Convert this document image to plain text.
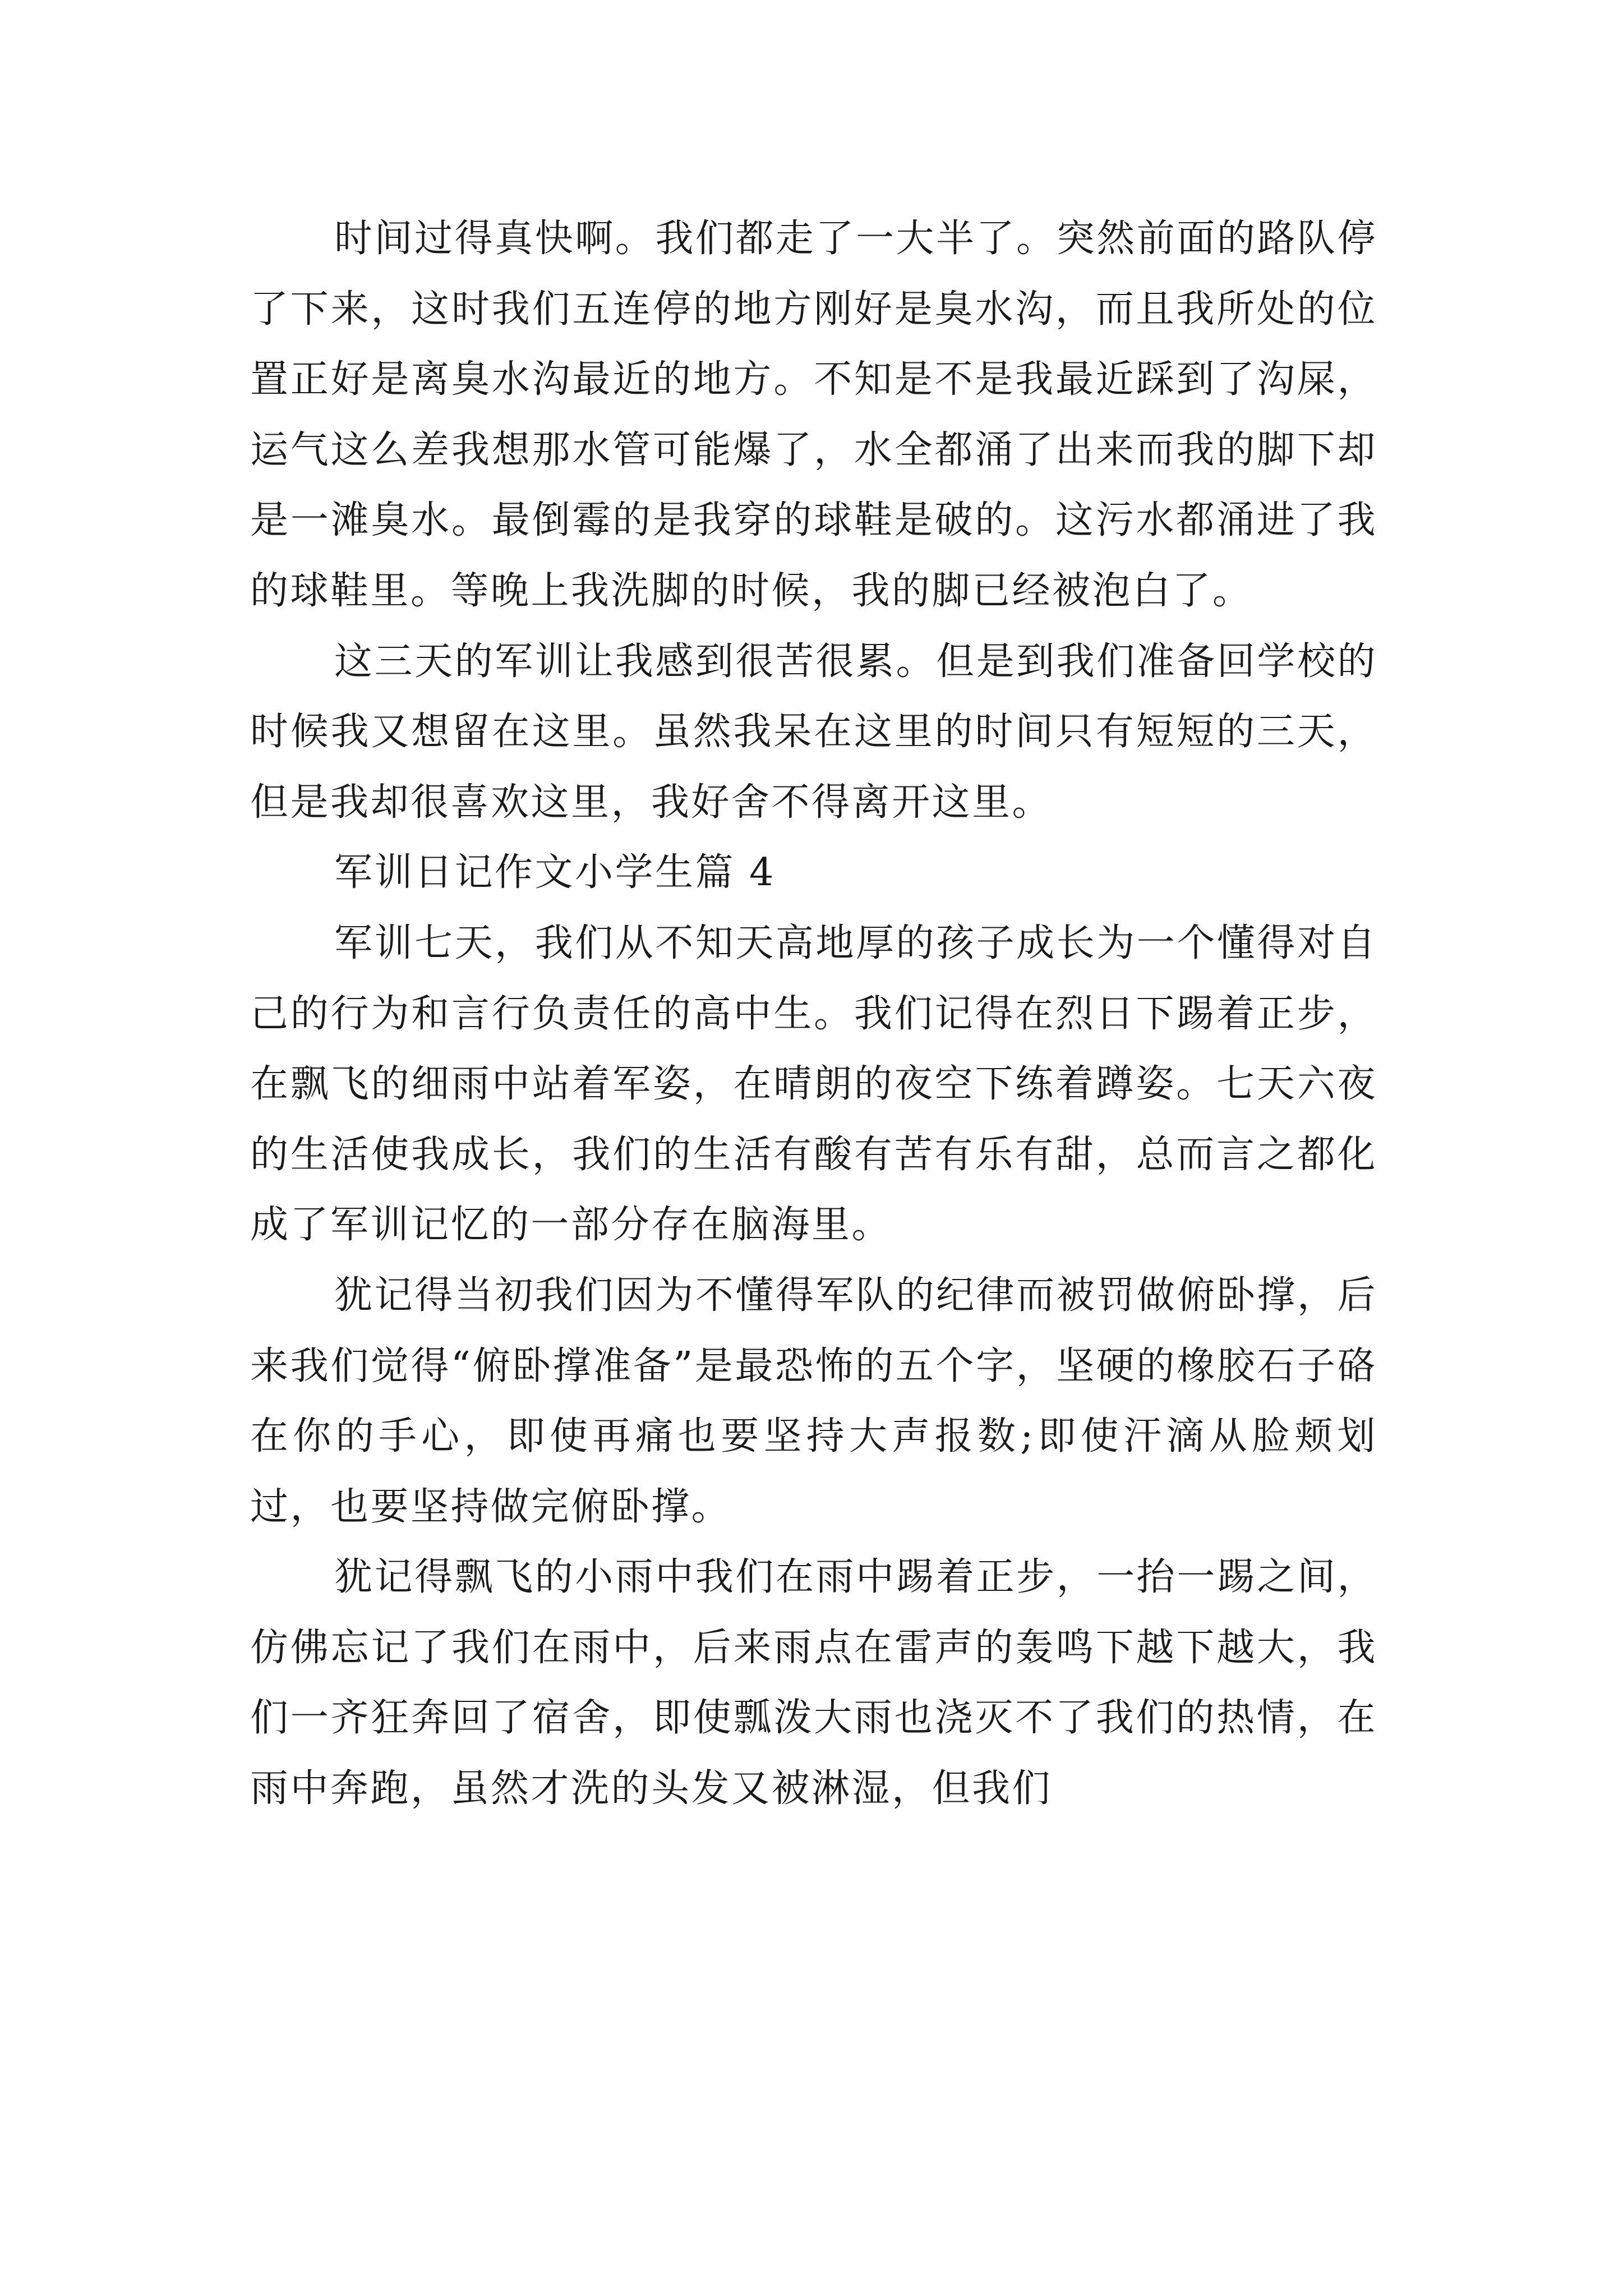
时间过得真快啊。我们都走了一大半了。突然前面的路队停了下来，这时我们五连停的地方刚好是臭水沟，而且我所处的位置正好是离臭水沟最近的地方。不知是不是我最近踩到了沟屎，运气这么差我想那水管可能爆了，水全都涌了出来而我的脚下却是一滩臭水。最倒霉的是我穿的球鞋是破的。这污水都涌进了我的球鞋里。等晚上我洗脚的时候，我的脚已经被泡白了。

这三天的军训让我感到很苦很累。但是到我们准备回学校的时候我又想留在这里。虽然我呆在这里的时间只有短短的三天，但是我却很喜欢这里，我好舍不得离开这里。

军训日记作文小学生篇 4

军训七天，我们从不知天高地厚的孩子成长为一个懂得对自己的行为和言行负责任的高中生。我们记得在烈日下踢着正步，在飘飞的细雨中站着军姿，在晴朗的夜空下练着蹲姿。七天六夜的生活使我成长，我们的生活有酸有苦有乐有甜，总而言之都化成了军训记忆的一部分存在脑海里。

犹记得当初我们因为不懂得军队的纪律而被罚做俯卧撑，后来我们觉得“俯卧撑准备”是最恐怖的五个字，坚硬的橡胶石子硌在你的手心，即使再痛也要坚持大声报数;即使汗滴从脸颊划过，也要坚持做完俯卧撑。

犹记得飘飞的小雨中我们在雨中踢着正步，一抬一踢之间，仿佛忘记了我们在雨中，后来雨点在雷声的轰鸣下越下越大，我们一齐狂奔回了宿舍，即使瓢泼大雨也浇灭不了我们的热情，在雨中奔跑，虽然才洗的头发又被淋湿，但我们
